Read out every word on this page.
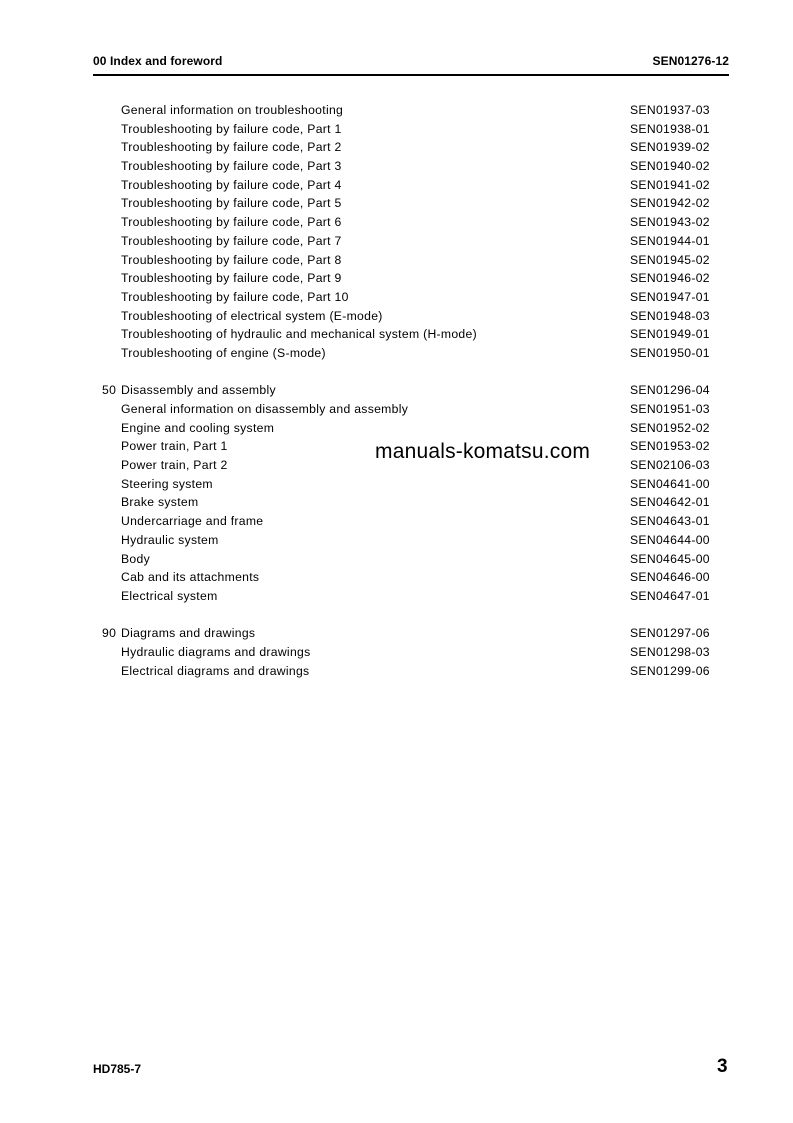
00 Index and foreword	SEN01276-12
General information on troubleshooting	SEN01937-03
Troubleshooting by failure code, Part 1	SEN01938-01
Troubleshooting by failure code, Part 2	SEN01939-02
Troubleshooting by failure code, Part 3	SEN01940-02
Troubleshooting by failure code, Part 4	SEN01941-02
Troubleshooting by failure code, Part 5	SEN01942-02
Troubleshooting by failure code, Part 6	SEN01943-02
Troubleshooting by failure code, Part 7	SEN01944-01
Troubleshooting by failure code, Part 8	SEN01945-02
Troubleshooting by failure code, Part 9	SEN01946-02
Troubleshooting by failure code, Part 10	SEN01947-01
Troubleshooting of electrical system (E-mode)	SEN01948-03
Troubleshooting of hydraulic and mechanical system (H-mode)	SEN01949-01
Troubleshooting of engine (S-mode)	SEN01950-01
50 Disassembly and assembly	SEN01296-04
General information on disassembly and assembly	SEN01951-03
Engine and cooling system	SEN01952-02
Power train, Part 1	SEN01953-02
Power train, Part 2	SEN02106-03
Steering system	SEN04641-00
Brake system	SEN04642-01
Undercarriage and frame	SEN04643-01
Hydraulic system	SEN04644-00
Body	SEN04645-00
Cab and its attachments	SEN04646-00
Electrical system	SEN04647-01
90 Diagrams and drawings	SEN01297-06
Hydraulic diagrams and drawings	SEN01298-03
Electrical diagrams and drawings	SEN01299-06
manuals-komatsu.com
HD785-7	3
